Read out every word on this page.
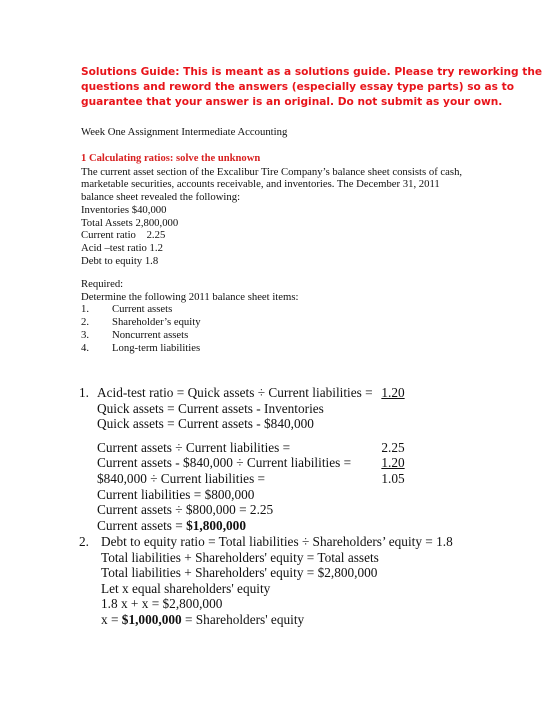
Solutions Guide: This is meant as a solutions guide. Please try reworking the
questions and reword the answers (especially essay type parts) so as to
guarantee that your answer is an original. Do not submit as your own.
Week One Assignment Intermediate Accounting
1 Calculating ratios: solve the unknown
The current asset section of the Excalibur Tire Company’s balance sheet consists of cash,
marketable securities, accounts receivable, and inventories. The December 31, 2011
balance sheet revealed the following:
Inventories $40,000
Total Assets 2,800,000
Current ratio    2.25
Acid –test ratio 1.2
Debt to equity 1.8
Required:
Determine the following 2011 balance sheet items:
1.	Current assets
2.	Shareholder’s equity
3.	Noncurrent assets
4.	Long-term liabilities
1. Acid-test ratio = Quick assets ÷ Current liabilities = 1.20
Quick assets = Current assets - Inventories
Quick assets = Current assets - $840,000
Current assets ÷ Current liabilities =	2.25
Current assets - $840,000 ÷ Current liabilities =	1.20
$840,000 ÷ Current liabilities =	1.05
Current liabilities = $800,000
Current assets ÷ $800,000 = 2.25
Current assets = $1,800,000
2. Debt to equity ratio = Total liabilities ÷ Shareholders’ equity = 1.8
Total liabilities + Shareholders' equity = Total assets
Total liabilities + Shareholders' equity = $2,800,000
Let x equal shareholders' equity
1.8 x + x = $2,800,000
x = $1,000,000 = Shareholders' equity
